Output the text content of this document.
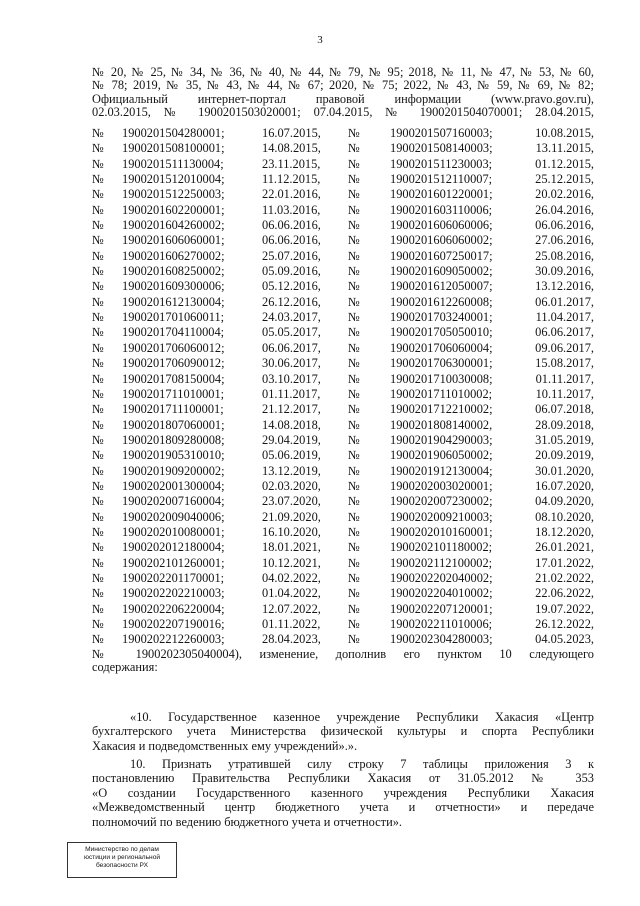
3
№ 20, № 25, № 34, № 36, № 40, № 44, № 79, № 95; 2018, № 11, № 47, № 53, № 60,
№ 78; 2019, № 35, № 43, № 44, № 67; 2020, № 75; 2022, № 43, № 59, № 69, № 82;
Официальный интернет-портал правовой информации (www.pravo.gov.ru),
02.03.2015, № 1900201503020001; 07.04.2015, № 1900201504070001; 28.04.2015,
№ 1900201504280001;	16.07.2015, № 1900201507160003;	10.08.2015,
№ 1900201508100001;	14.08.2015, № 1900201508140003;	13.11.2015,
№ 1900201511130004;	23.11.2015, № 1900201511230003;	01.12.2015,
№ 1900201512010004;	11.12.2015, № 1900201512110007;	25.12.2015,
№ 1900201512250003;	22.01.2016, № 1900201601220001;	20.02.2016,
№ 1900201602200001;	11.03.2016, № 1900201603110006;	26.04.2016,
№ 1900201604260002;	06.06.2016, № 1900201606060006;	06.06.2016,
№ 1900201606060001;	06.06.2016, № 1900201606060002;	27.06.2016,
№ 1900201606270002;	25.07.2016, № 1900201607250017;	25.08.2016,
№ 1900201608250002;	05.09.2016, № 1900201609050002;	30.09.2016,
№ 1900201609300006;	05.12.2016, № 1900201612050007;	13.12.2016,
№ 1900201612130004;	26.12.2016, № 1900201612260008;	06.01.2017,
№ 1900201701060011;	24.03.2017, № 1900201703240001;	11.04.2017,
№ 1900201704110004;	05.05.2017, № 1900201705050010;	06.06.2017,
№ 1900201706060012;	06.06.2017, № 1900201706060004;	09.06.2017,
№ 1900201706090012;	30.06.2017, № 1900201706300001;	15.08.2017,
№ 1900201708150004;	03.10.2017, № 1900201710030008;	01.11.2017,
№ 1900201711010001;	01.11.2017, № 1900201711010002;	10.11.2017,
№ 1900201711100001;	21.12.2017, № 1900201712210002;	06.07.2018,
№ 1900201807060001;	14.08.2018, № 1900201808140002,	28.09.2018,
№ 1900201809280008;	29.04.2019, № 1900201904290003;	31.05.2019,
№ 1900201905310010;	05.06.2019, № 1900201906050002;	20.09.2019,
№ 1900201909200002;	13.12.2019, № 1900201912130004;	30.01.2020,
№ 1900202001300004;	02.03.2020, № 1900202003020001;	16.07.2020,
№ 1900202007160004;	23.07.2020, № 1900202007230002;	04.09.2020,
№ 1900202009040006;	21.09.2020, № 1900202009210003;	08.10.2020,
№ 1900202010080001;	16.10.2020, № 1900202010160001;	18.12.2020,
№ 1900202012180004;	18.01.2021, № 1900202101180002;	26.01.2021,
№ 1900202101260001;	10.12.2021, № 1900202112100002;	17.01.2022,
№ 1900202201170001;	04.02.2022, № 1900202202040002;	21.02.2022,
№ 1900202202210003;	01.04.2022, № 1900202204010002;	22.06.2022,
№ 1900202206220004;	12.07.2022, № 1900202207120001;	19.07.2022,
№ 1900202207190016;	01.11.2022, № 1900202211010006;	26.12.2022,
№ 1900202212260003;	28.04.2023, № 1900202304280003;	04.05.2023,
№ 1900202305040004), изменение, дополнив его пунктом 10 следующего
содержания:
«10. Государственное казенное учреждение Республики Хакасия «Центр
бухгалтерского учета Министерства физической культуры и спорта Республики
Хакасия и подведомственных ему учреждений».».
10. Признать утратившей силу строку 7 таблицы приложения 3 к
постановлению Правительства Республики Хакасия от 31.05.2012 № 353
«О создании Государственного казенного учреждения Республики Хакасия
«Межведомственный центр бюджетного учета и отчетности» и передаче
полномочий по ведению бюджетного учета и отчетности».
Министерство по делам
юстиции и региональной
безопасности РХ
